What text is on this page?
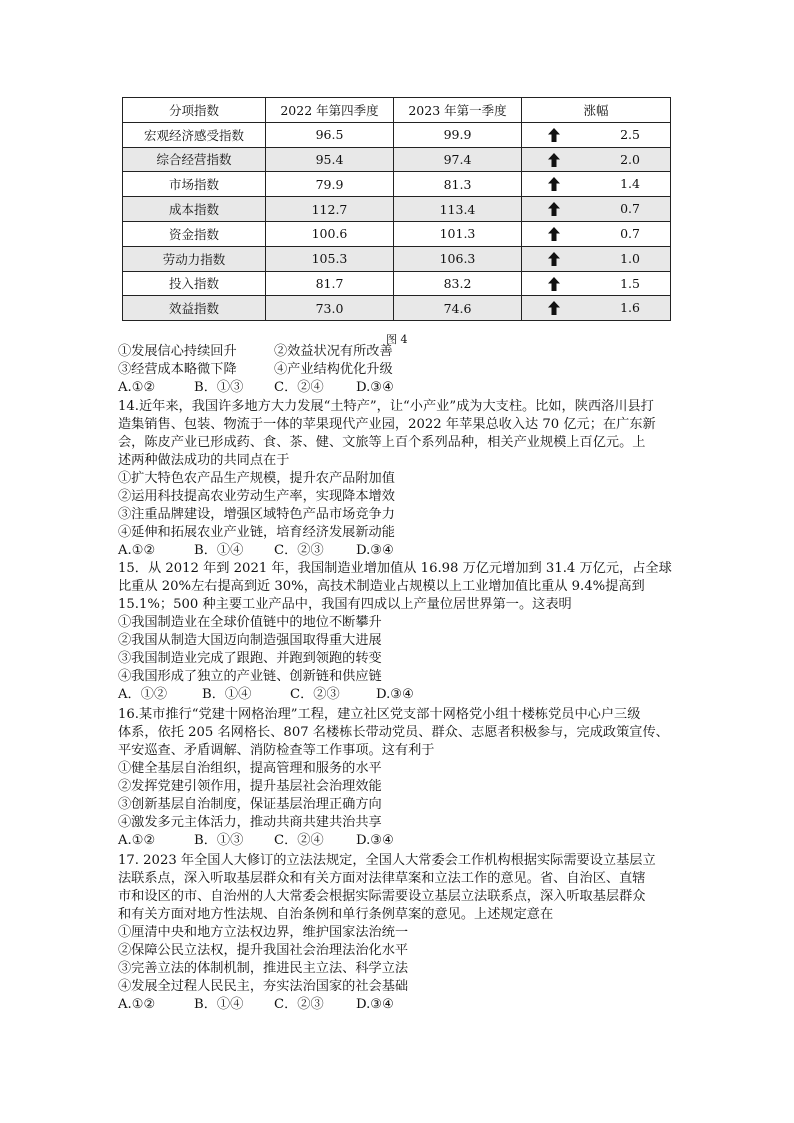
分项指数	2022 年第四季度	2023 年第一季度	涨幅
宏观经济感受指数	96.5	99.9	2.5

综合经营指数	95.4	97.4	2.0

市场指数	79.9	81.3	1.4

成本指数	112.7	113.4	0.7

资金指数	100.6	101.3	0.7

劳动力指数	105.3	106.3	1.0

投入指数	81.7	83.2	1.5

效益指数	73.0	74.6	1.6
图 4
①发展信心持续回升	②效益状况有所改善
③经营成本略微下降	④产业结构优化升级
A.①②	B．①③ C．②④ D.③④
14.近年来，我国许多地方大力发展“土特产”，让“小产业”成为大支柱。比如，陕西洛川县打
造集销售、包装、物流于一体的苹果现代产业园，2022 年苹果总收入达 70 亿元；在广东新
会，陈皮产业已形成药、食、茶、健、文旅等上百个系列品种，相关产业规模上百亿元。上
述两种做法成功的共同点在于
①扩大特色农产品生产规模，提升农产品附加值
②运用科技提高农业劳动生产率，实现降本增效
③注重品牌建设，增强区域特色产品市场竞争力
④延伸和拓展农业产业链，培育经济发展新动能
A.①②	B．①④ C．②③ D.③④
15．从 2012 年到 2021 年，我国制造业增加值从 16.98 万亿元增加到 31.4 万亿元，占全球
比重从 20%左右提高到近 30%，高技术制造业占规模以上工业增加值比重从 9.4%提高到
15.1%；500 种主要工业产品中，我国有四成以上产量位居世界第一。这表明
①我国制造业在全球价值链中的地位不断攀升
②我国从制造大国迈向制造强国取得重大进展
③我国制造业完成了跟跑、并跑到领跑的转变
④我国形成了独立的产业链、创新链和供应链
A．①②	B．①④	C．②③	D.③④
16.某市推行“党建十网格治理”工程，建立社区党支部十网格党小组十楼栋党员中心户三级
体系，依托 205 名网格长、807 名楼栋长带动党员、群众、志愿者积极参与，完成政策宣传、
平安巡查、矛盾调解、消防检查等工作事项。这有利于
①健全基层自治组织，提高管理和服务的水平
②发挥党建引领作用，提升基层社会治理效能
③创新基层自治制度，保证基层治理正确方向
④激发多元主体活力，推动共商共建共治共享
A.①②	B．①③ C．②④ D.③④
17. 2023 年全国人大修订的立法法规定，全国人大常委会工作机构根据实际需要设立基层立
法联系点，深入听取基层群众和有关方面对法律草案和立法工作的意见。省、自治区、直辖
市和设区的市、自治州的人大常委会根据实际需要设立基层立法联系点，深入听取基层群众
和有关方面对地方性法规、自治条例和单行条例草案的意见。上述规定意在
①厘清中央和地方立法权边界，维护国家法治统一
②保障公民立法权，提升我国社会治理法治化水平
③完善立法的体制机制，推进民主立法、科学立法
④发展全过程人民民主，夯实法治国家的社会基础
A.①②	B．①④ C．②③ D.③④
